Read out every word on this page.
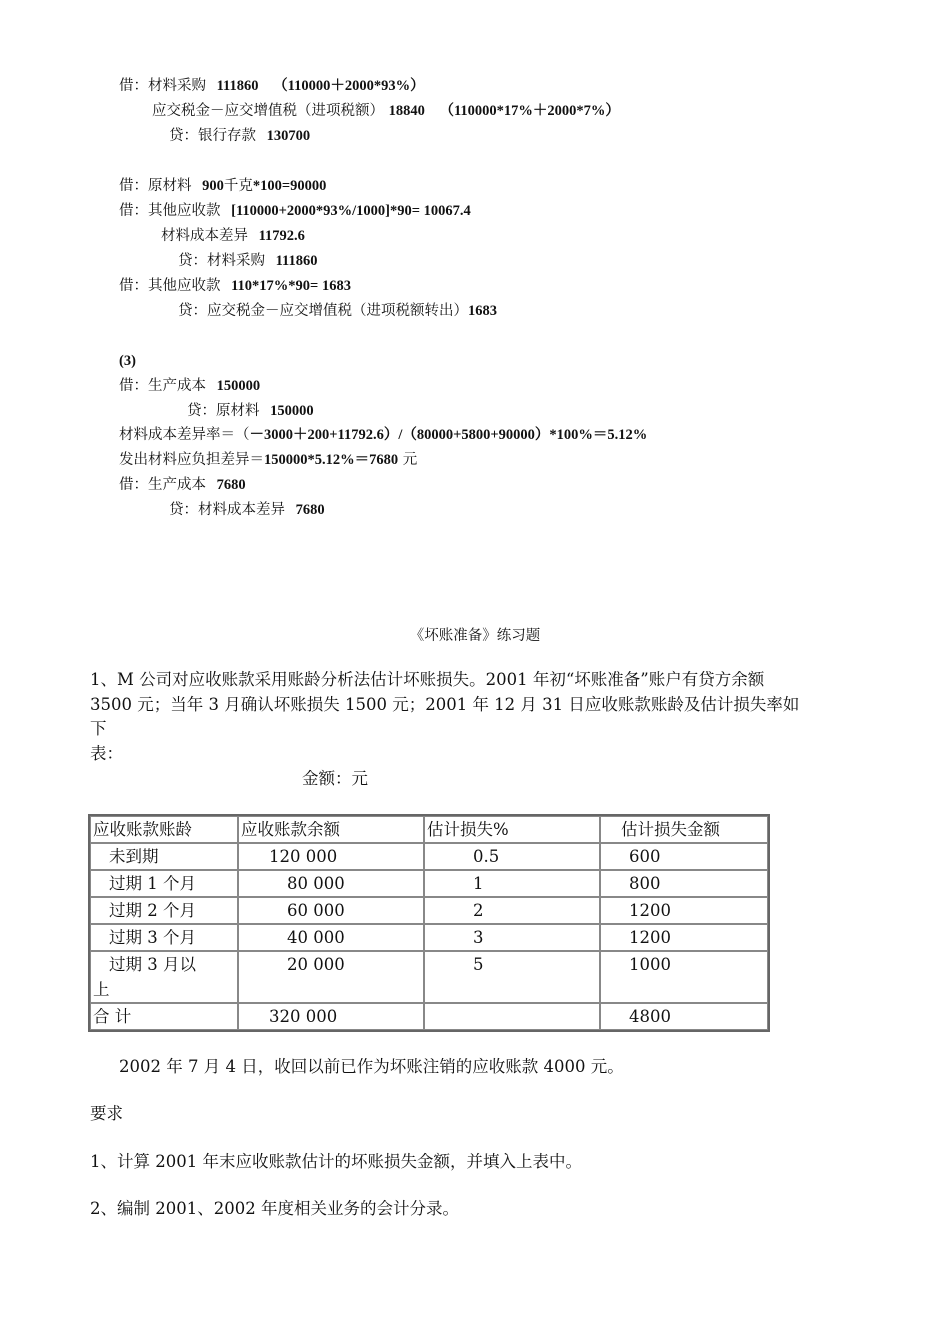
借：材料采购 111860 （110000＋2000*93%）
应交税金－应交增值税（进项税额） 18840 （110000*17%＋2000*7%）
贷：银行存款 130700
借：原材料 900千克*100=90000
借：其他应收款 [110000+2000*93%/1000]*90= 10067.4
材料成本差异 11792.6
贷：材料采购 111860
借：其他应收款 110*17%*90= 1683
贷：应交税金－应交增值税（进项税额转出）1683
(3)
借：生产成本 150000
贷：原材料 150000
材料成本差异率＝（－3000＋200+11792.6）/（80000+5800+90000）*100%＝5.12%
发出材料应负担差异＝150000*5.12%＝7680 元
借：生产成本 7680
贷：材料成本差异 7680
《坏账准备》练习题
1、M 公司对应收账款采用账龄分析法估计坏账损失。2001 年初“坏账准备”账户有贷方余额
3500 元；当年 3 月确认坏账损失 1500 元；2001 年 12 月 31 日应收账款账龄及估计损失率如
下
表：
金额：元
应收账款账龄	应收账款余额	估计损失%	估计损失金额
未到期	120 000	0.5	600
过期 1 个月	80 000	1	800
过期 2 个月	60 000	2	1200
过期 3 个月	40 000	3	1200

过期 3 月以上	20 000	5	1000
合 计	320 000		4800
2002 年 7 月 4 日，收回以前已作为坏账注销的应收账款 4000 元。
要求
1、计算 2001 年末应收账款估计的坏账损失金额，并填入上表中。
2、编制 2001、2002 年度相关业务的会计分录。
